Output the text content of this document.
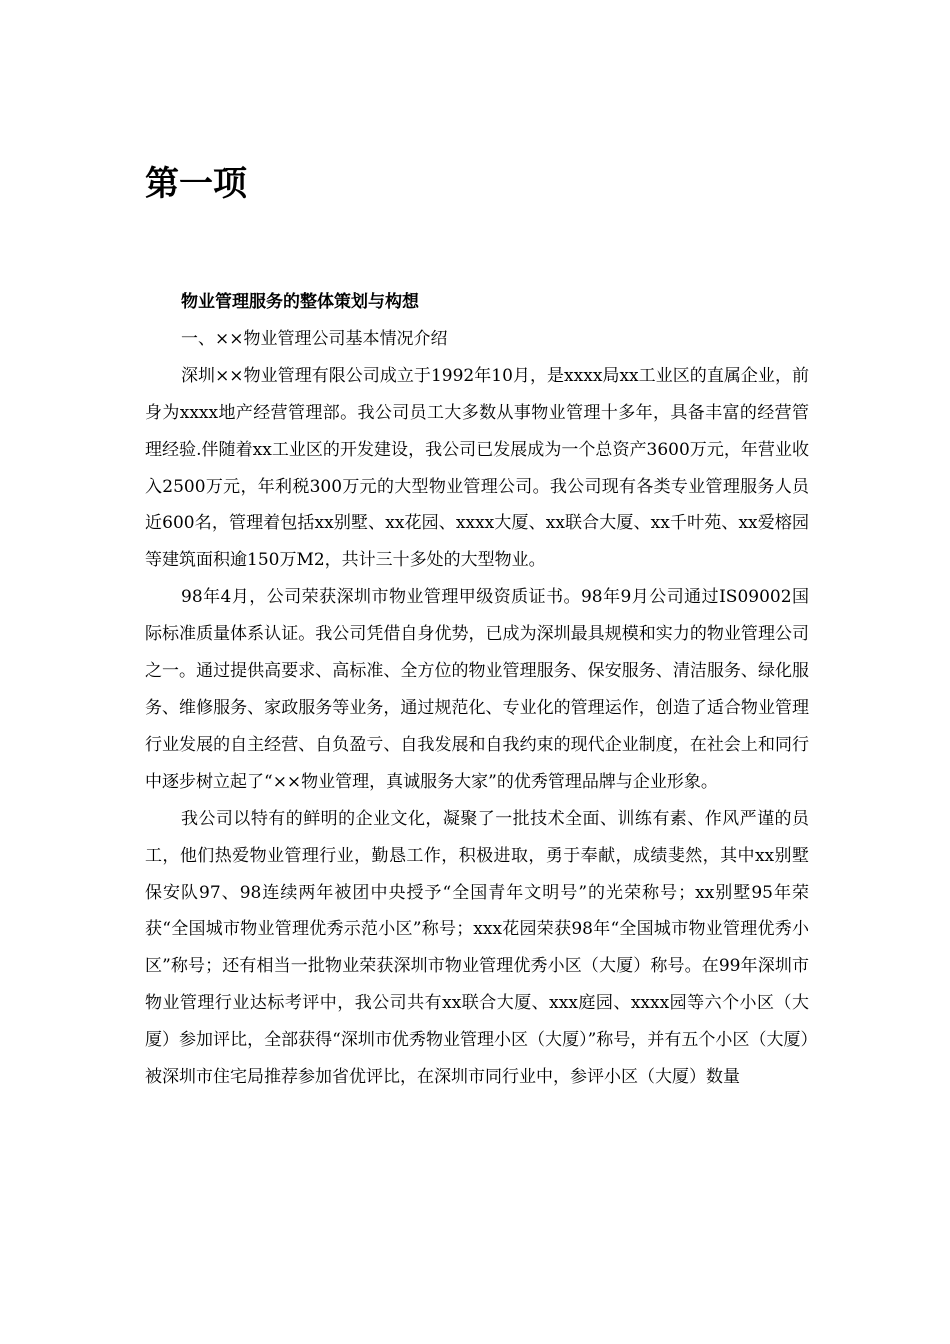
第一项

物业管理服务的整体策划与构想

一、××物业管理公司基本情况介绍

深圳××物业管理有限公司成立于1992年10月，是xxxx局xx工业区的直属企业，前身为xxxx地产经营管理部。我公司员工大多数从事物业管理十多年，具备丰富的经营管理经验.伴随着xx工业区的开发建设，我公司已发展成为一个总资产3600万元，年营业收入2500万元，年利税300万元的大型物业管理公司。我公司现有各类专业管理服务人员近600名，管理着包括xx别墅、xx花园、xxxx大厦、xx联合大厦、xx千叶苑、xx爱榕园等建筑面积逾150万M2，共计三十多处的大型物业。

98年4月，公司荣获深圳市物业管理甲级资质证书。98年9月公司通过IS09002国际标准质量体系认证。我公司凭借自身优势，已成为深圳最具规模和实力的物业管理公司之一。通过提供高要求、高标准、全方位的物业管理服务、保安服务、清洁服务、绿化服务、维修服务、家政服务等业务，通过规范化、专业化的管理运作，创造了适合物业管理行业发展的自主经营、自负盈亏、自我发展和自我约束的现代企业制度，在社会上和同行中逐步树立起了“××物业管理，真诚服务大家”的优秀管理品牌与企业形象。

我公司以特有的鲜明的企业文化，凝聚了一批技术全面、训练有素、作风严谨的员工，他们热爱物业管理行业，勤恳工作，积极进取，勇于奉献，成绩斐然，其中xx别墅保安队97、98连续两年被团中央授予“全国青年文明号”的光荣称号；xx别墅95年荣获“全国城市物业管理优秀示范小区”称号；xxx花园荣获98年“全国城市物业管理优秀小区”称号；还有相当一批物业荣获深圳市物业管理优秀小区（大厦）称号。在99年深圳市物业管理行业达标考评中，我公司共有xx联合大厦、xxx庭园、xxxx园等六个小区（大厦）参加评比，全部获得“深圳市优秀物业管理小区（大厦）”称号，并有五个小区（大厦）被深圳市住宅局推荐参加省优评比，在深圳市同行业中，参评小区（大厦）数量
